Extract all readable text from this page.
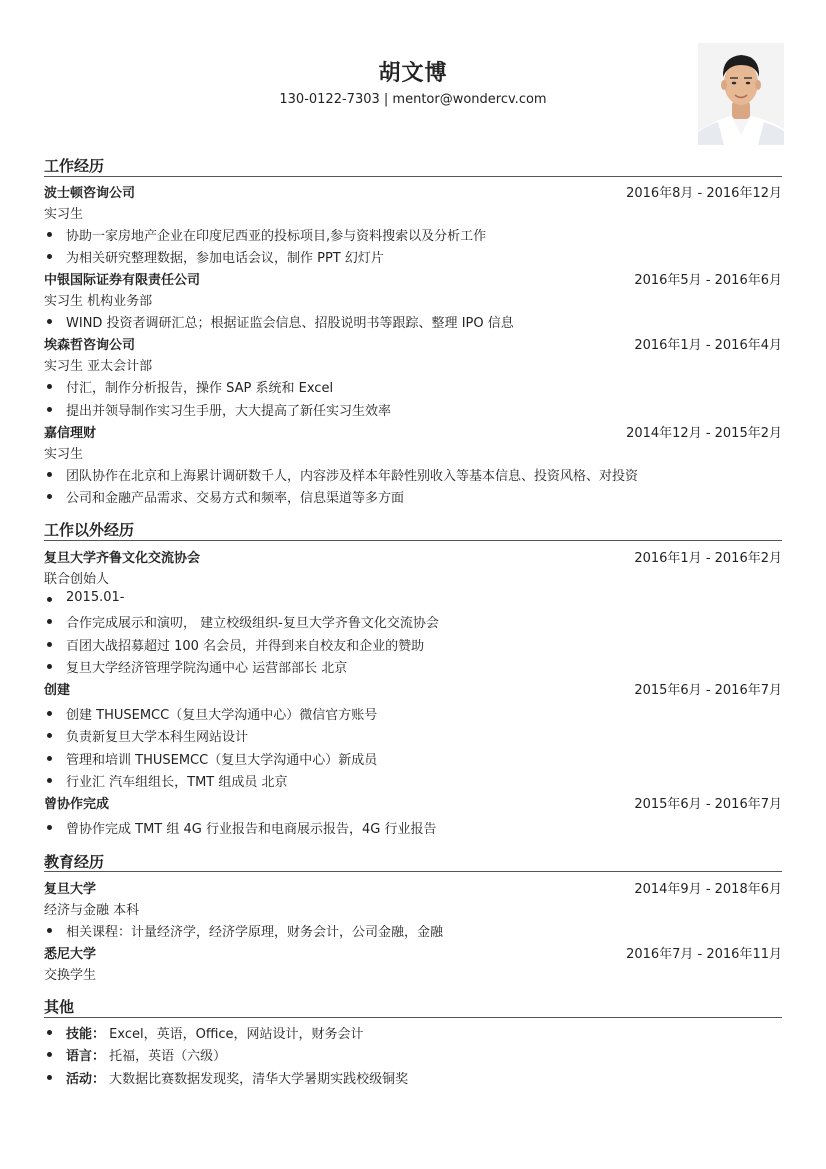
胡文博
130-0122-7303 | mentor@wondercv.com
工作经历
波士顿咨询公司	2016年8月 - 2016年12月
实习生
协助一家房地产企业在印度尼西亚的投标项目,参与资料搜索以及分析工作
为相关研究整理数据，参加电话会议，制作 PPT 幻灯片
中银国际证券有限责任公司	2016年5月 - 2016年6月
实习生 机构业务部
WIND 投资者调研汇总；根据证监会信息、招股说明书等跟踪、整理 IPO 信息
埃森哲咨询公司	2016年1月 - 2016年4月
实习生 亚太会计部
付汇，制作分析报告，操作 SAP 系统和 Excel
提出并领导制作实习生手册，大大提高了新任实习生效率
嘉信理财	2014年12月 - 2015年2月
实习生
团队协作在北京和上海累计调研数千人，内容涉及样本年龄性别收入等基本信息、投资风格、对投资
公司和金融产品需求、交易方式和频率，信息渠道等多方面
工作以外经历
复旦大学齐鲁文化交流协会	2016年1月 - 2016年2月
联合创始人
2015.01-
合作完成展示和演叨， 建立校级组织-复旦大学齐鲁文化交流协会
百团大战招募超过 100 名会员，并得到来自校友和企业的赞助
复旦大学经济管理学院沟通中心 运营部部长 北京
创建	2015年6月 - 2016年7月
创建 THUSEMCC（复旦大学沟通中心）微信官方账号
负责新复旦大学本科生网站设计
管理和培训 THUSEMCC（复旦大学沟通中心）新成员
行业汇 汽车组组长，TMT 组成员 北京
曾协作完成	2015年6月 - 2016年7月
曾协作完成 TMT 组 4G 行业报告和电商展示报告，4G 行业报告
教育经历
复旦大学	2014年9月 - 2018年6月
经济与金融 本科
相关课程：计量经济学，经济学原理，财务会计，公司金融，金融
悉尼大学	2016年7月 - 2016年11月
交换学生
其他
技能： Excel，英语，Office，网站设计，财务会计
语言： 托福，英语（六级）
活动： 大数据比赛数据发现奖，清华大学暑期实践校级铜奖
